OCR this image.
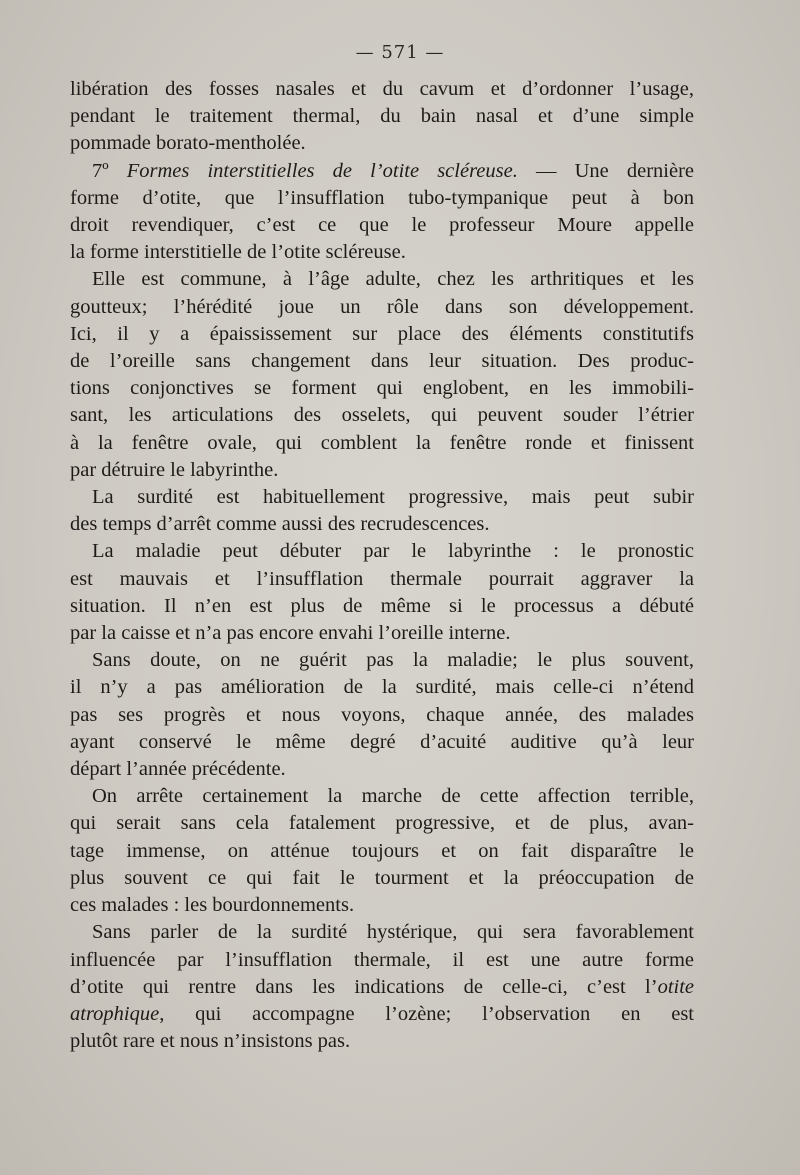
— 571 —

libération des fosses nasales et du cavum et d’ordonner l’usage,
pendant le traitement thermal, du bain nasal et d’une simple
pommade borato-mentholée.

7º Formes interstitielles de l’otite scléreuse. — Une dernière
forme d’otite, que l’insufflation tubo-tympanique peut à bon
droit revendiquer, c’est ce que le professeur Moure appelle
la forme interstitielle de l’otite scléreuse.

Elle est commune, à l’âge adulte, chez les arthritiques et les
goutteux; l’hérédité joue un rôle dans son développement.
Ici, il y a épaississement sur place des éléments constitutifs
de l’oreille sans changement dans leur situation. Des produc-
tions conjonctives se forment qui englobent, en les immobili-
sant, les articulations des osselets, qui peuvent souder l’étrier
à la fenêtre ovale, qui comblent la fenêtre ronde et finissent
par détruire le labyrinthe.

La surdité est habituellement progressive, mais peut subir
des temps d’arrêt comme aussi des recrudescences.

La maladie peut débuter par le labyrinthe : le pronostic
est mauvais et l’insufflation thermale pourrait aggraver la
situation. Il n’en est plus de même si le processus a débuté
par la caisse et n’a pas encore envahi l’oreille interne.

Sans doute, on ne guérit pas la maladie; le plus souvent,
il n’y a pas amélioration de la surdité, mais celle-ci n’étend
pas ses progrès et nous voyons, chaque année, des malades
ayant conservé le même degré d’acuité auditive qu’à leur
départ l’année précédente.

On arrête certainement la marche de cette affection terrible,
qui serait sans cela fatalement progressive, et de plus, avan-
tage immense, on atténue toujours et on fait disparaître le
plus souvent ce qui fait le tourment et la préoccupation de
ces malades : les bourdonnements.

Sans parler de la surdité hystérique, qui sera favorablement
influencée par l’insufflation thermale, il est une autre forme
d’otite qui rentre dans les indications de celle-ci, c’est l’otite
atrophique, qui accompagne l’ozène; l’observation en est
plutôt rare et nous n’insistons pas.
